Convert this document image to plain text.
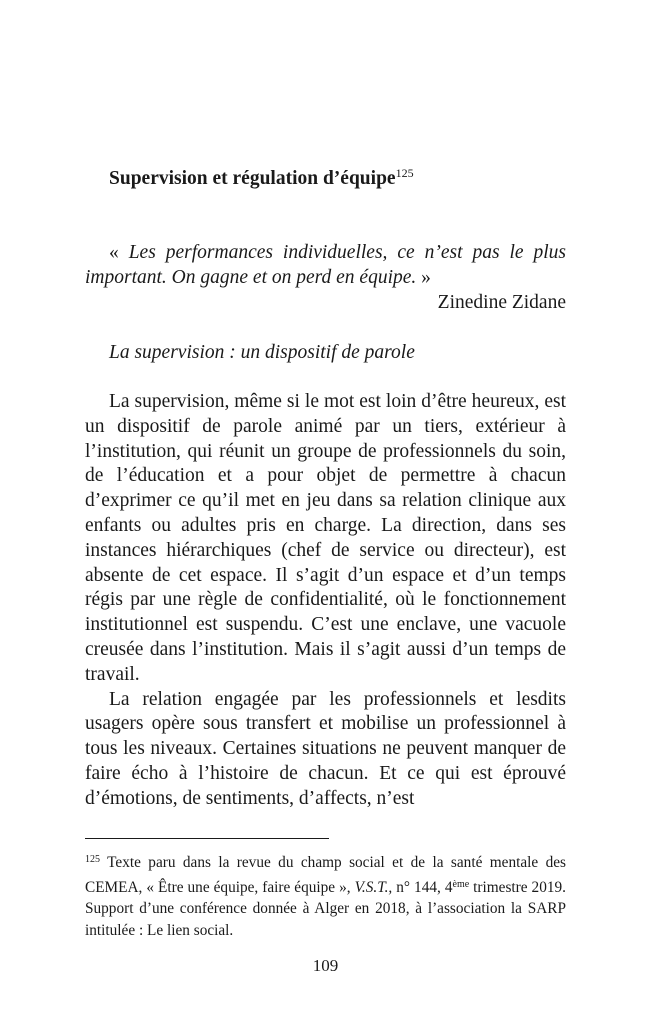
Supervision et régulation d’équipe$^{125}$

« Les performances individuelles, ce n’est pas le plus important. On gagne et on perd en équipe. »

Zinedine Zidane
La supervision : un dispositif de parole

La supervision, même si le mot est loin d’être heureux, est un dispositif de parole animé par un tiers, extérieur à l’institution, qui réunit un groupe de professionnels du soin, de l’éducation et a pour objet de permettre à chacun d’exprimer ce qu’il met en jeu dans sa relation clinique aux enfants ou adultes pris en charge. La direction, dans ses instances hiérarchiques (chef de service ou directeur), est absente de cet espace. Il s’agit d’un espace et d’un temps régis par une règle de confidentialité, où le fonctionnement institutionnel est suspendu. C’est une enclave, une vacuole creusée dans l’institution. Mais il s’agit aussi d’un temps de travail.

La relation engagée par les professionnels et lesdits usagers opère sous transfert et mobilise un professionnel à tous les niveaux. Certaines situations ne peuvent manquer de faire écho à l’histoire de chacun. Et ce qui est éprouvé d’émotions, de sentiments, d’affects, n’est

$^{125}$ Texte paru dans la revue du champ social et de la santé mentale des CEMEA, « Être une équipe, faire équipe », V.S.T., n° 144, 4ème trimestre 2019. Support d’une conférence donnée à Alger en 2018, à l’association la SARP intitulée : Le lien social.

109
